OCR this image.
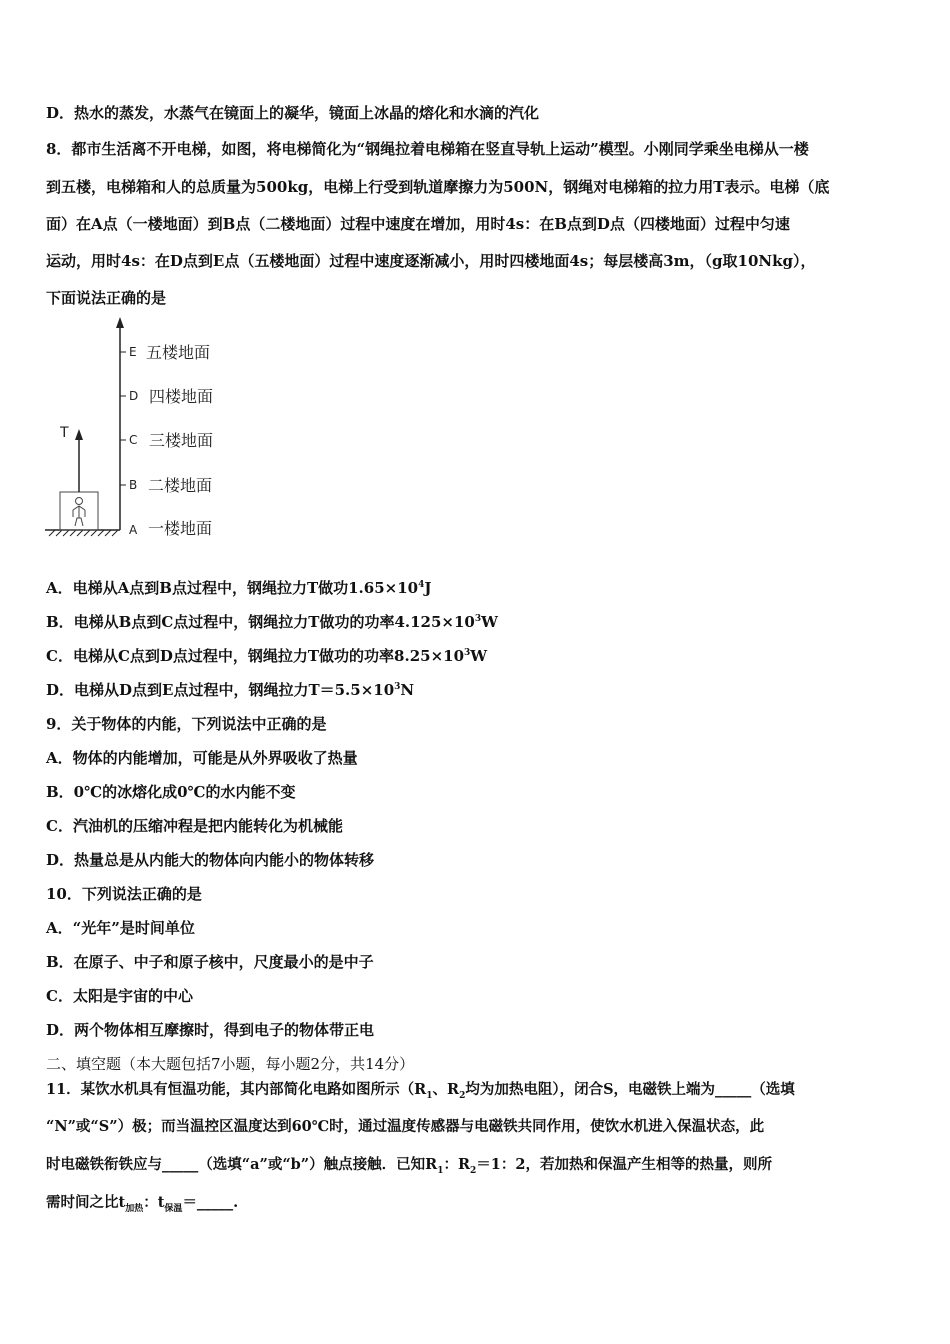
D．热水的蒸发，水蒸气在镜面上的凝华，镜面上冰晶的熔化和水滴的汽化
8．都市生活离不开电梯，如图，将电梯简化为“钢绳拉着电梯箱在竖直导轨上运动”模型。小刚同学乘坐电梯从一楼
到五楼，电梯箱和人的总质量为500kg，电梯上行受到轨道摩擦力为500N，钢绳对电梯箱的拉力用T表示。电梯（底
面）在A点（一楼地面）到B点（二楼地面）过程中速度在增加，用时4s：在B点到D点（四楼地面）过程中匀速
运动，用时4s：在D点到E点（五楼地面）过程中速度逐渐减小，用时四楼地面4s；每层楼高3m，（g取10Nkg），
下面说法正确的是
T
E 五楼地面
D 四楼地面
C 三楼地面
B 二楼地面
A 一楼地面
A．电梯从A点到B点过程中，钢绳拉力T做功$1.65\times 10^4J$
B．电梯从B点到C点过程中，钢绳拉力T做功的功率$4.125\times 10^3W$
C．电梯从C点到D点过程中，钢绳拉力T做功的功率$8.25\times 10^3W$
D．电梯从D点到E点过程中，钢绳拉力$T=5.5\times 10^3N$
9．关于物体的内能，下列说法中正确的是
A．物体的内能增加，可能是从外界吸收了热量
B．0℃的冰熔化成0℃的水内能不变
C．汽油机的压缩冲程是把内能转化为机械能
D．热量总是从内能大的物体向内能小的物体转移
10．下列说法正确的是
A．“光年”是时间单位
B．在原子、中子和原子核中，尺度最小的是中子
C．太阳是宇宙的中心
D．两个物体相互摩擦时，得到电子的物体带正电
二、填空题（本大题包括7小题，每小题2分，共14分）
11．某饮水机具有恒温功能，其内部简化电路如图所示（$R_1$、$R_2$均为加热电阻），闭合S，电磁铁上端为_____（选填
“N”或“S”）极；而当温控区温度达到60℃时，通过温度传感器与电磁铁共同作用，使饮水机进入保温状态，此
时电磁铁衔铁应与_____（选填“a”或“b”）触点接触．已知$R_1$：$R_2=1$：2，若加热和保温产生相等的热量，则所
需时间之比$t_{加热}$：$t_{保温}=\_\_\_\_\_$.
